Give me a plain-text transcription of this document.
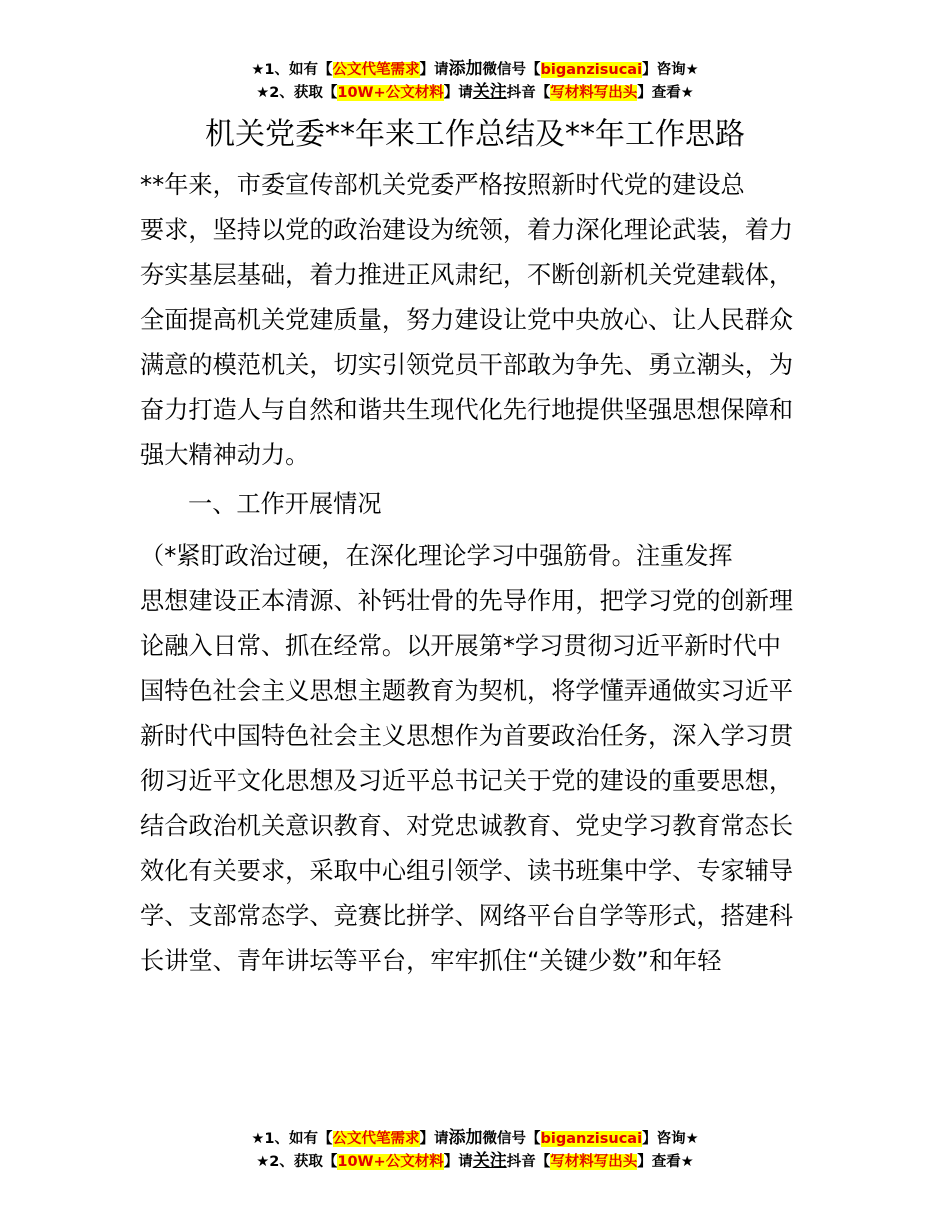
★1、如有【公文代笔需求】请添加微信号【biganzisucai】咨询★
★2、获取【10W+公文材料】请关注抖音【写材料写出头】查看★
机关党委**年来工作总结及**年工作思路
**年来，市委宣传部机关党委严格按照新时代党的建设总
要求，坚持以党的政治建设为统领，着力深化理论武装，着力
夯实基层基础，着力推进正风肃纪，不断创新机关党建载体，
全面提高机关党建质量，努力建设让党中央放心、让人民群众
满意的模范机关，切实引领党员干部敢为争先、勇立潮头，为
奋力打造人与自然和谐共生现代化先行地提供坚强思想保障和
强大精神动力。
一、工作开展情况
（*紧盯政治过硬，在深化理论学习中强筋骨。注重发挥
思想建设正本清源、补钙壮骨的先导作用，把学习党的创新理
论融入日常、抓在经常。以开展第*学习贯彻习近平新时代中
国特色社会主义思想主题教育为契机，将学懂弄通做实习近平
新时代中国特色社会主义思想作为首要政治任务，深入学习贯
彻习近平文化思想及习近平总书记关于党的建设的重要思想，
结合政治机关意识教育、对党忠诚教育、党史学习教育常态长
效化有关要求，采取中心组引领学、读书班集中学、专家辅导
学、支部常态学、竞赛比拼学、网络平台自学等形式，搭建科
长讲堂、青年讲坛等平台，牢牢抓住“关键少数”和年轻
★1、如有【公文代笔需求】请添加微信号【biganzisucai】咨询★
★2、获取【10W+公文材料】请关注抖音【写材料写出头】查看★
